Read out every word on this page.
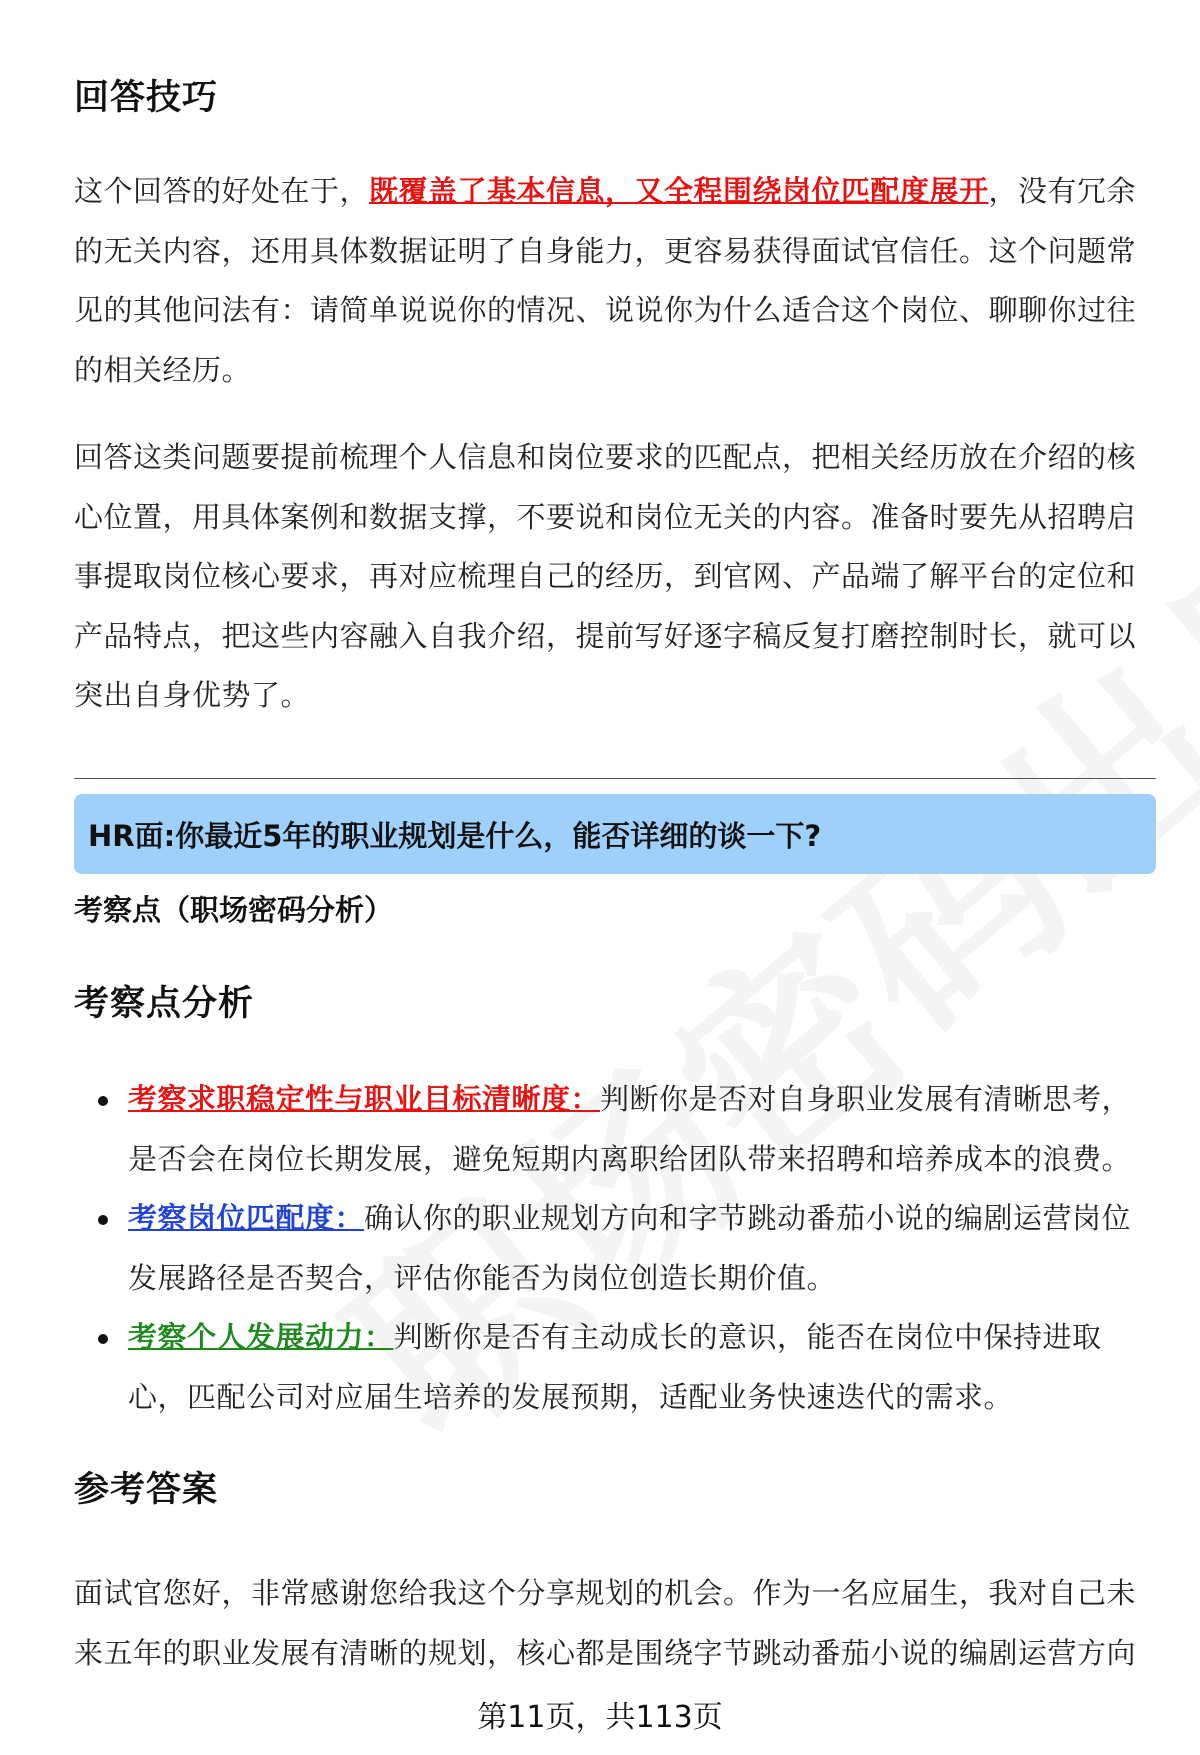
回答技巧
这个回答的好处在于，既覆盖了基本信息，又全程围绕岗位匹配度展开，没有冗余的无关内容，还用具体数据证明了自身能力，更容易获得面试官信任。这个问题常见的其他问法有：请简单说说你的情况、说说你为什么适合这个岗位、聊聊你过往的相关经历。
回答这类问题要提前梳理个人信息和岗位要求的匹配点，把相关经历放在介绍的核心位置，用具体案例和数据支撑，不要说和岗位无关的内容。准备时要先从招聘启事提取岗位核心要求，再对应梳理自己的经历，到官网、产品端了解平台的定位和产品特点，把这些内容融入自我介绍，提前写好逐字稿反复打磨控制时长，就可以突出自身优势了。
HR面:你最近5年的职业规划是什么，能否详细的谈一下?
考察点（职场密码分析）
考察点分析
考察求职稳定性与职业目标清晰度：判断你是否对自身职业发展有清晰思考，是否会在岗位长期发展，避免短期内离职给团队带来招聘和培养成本的浪费。
考察岗位匹配度：确认你的职业规划方向和字节跳动番茄小说的编剧运营岗位发展路径是否契合，评估你能否为岗位创造长期价值。
考察个人发展动力：判断你是否有主动成长的意识，能否在岗位中保持进取心，匹配公司对应届生培养的发展预期，适配业务快速迭代的需求。
参考答案
面试官您好，非常感谢您给我这个分享规划的机会。作为一名应届生，我对自己未来五年的职业发展有清晰的规划，核心都是围绕字节跳动番茄小说的编剧运营方向
第11页，共113页
